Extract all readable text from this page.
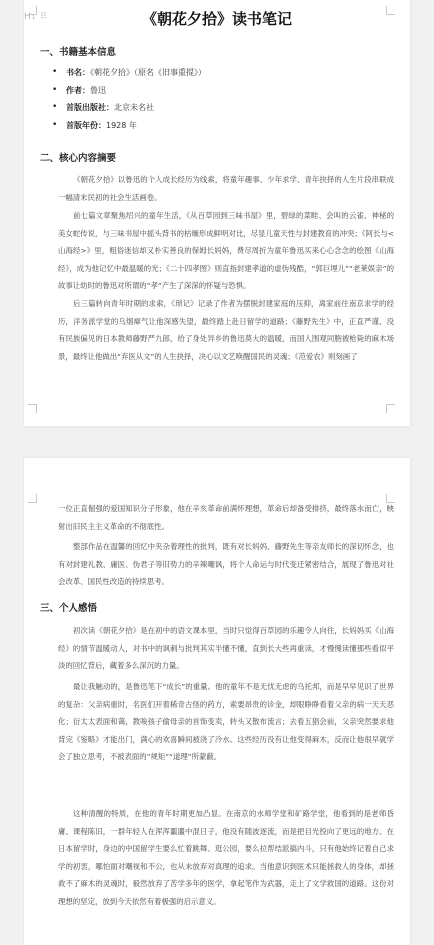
H₁ ⠿	《朝花夕拾》读书笔记
一、书籍基本信息
• 书名：《朝花夕拾》（原名《旧事重提》）
• 作者：鲁迅
• 首版出版社：北京未名社
• 首版年份：1928 年
二、核心内容摘要

《朝花夕拾》以鲁迅的个人成长经历为线索，将童年趣事、少年求学、青年抉择的人生片段串联成一幅清末民初的社会生活画卷。

前七篇文章聚焦绍兴的童年生活，《从百草园到三味书屋》里，碧绿的菜畦、会叫的云雀、神秘的美女蛇传说，与三味书屋中摇头背书的枯燥形成鲜明对比，尽显儿童天性与封建教育的冲突；《阿长与<山海经>》里，粗俗迷信却又朴实善良的保姆长妈妈，费尽周折为童年鲁迅买来心心念念的绘图《山海经》，成为他记忆中最温暖的光；《二十四孝图》则直指封建孝道的虚伪残酷，“郭巨埋儿”“老莱娱亲”的故事让幼时的鲁迅对所谓的“孝”产生了深深的怀疑与恐惧。

后三篇转向青年时期的求索，《琐记》记录了作者为摆脱封建家庭的压抑，离家前往南京求学的经历，洋务派学堂的乌烟瘴气让他深感失望，最终踏上赴日留学的道路；《藤野先生》中，正直严谨、没有民族偏见的日本教师藤野严九郎，给了身处异乡的鲁迅莫大的温暖，而国人围观同胞被枪毙的麻木场景，最终让他做出“弃医从文”的人生抉择，决心以文艺唤醒国民的灵魂；《范爱农》则刻画了

一位正直倔强的爱国知识分子形象，他在辛亥革命前满怀理想，革命后却备受排挤，最终落水而亡，映射出旧民主主义革命的不彻底性。

整部作品在温馨的回忆中夹杂着理性的批判，既有对长妈妈、藤野先生等亲友师长的深切怀念，也有对封建礼教、庸医、伪君子等旧势力的辛辣嘲讽，将个人命运与时代变迁紧密结合，展现了鲁迅对社会改革、国民性改造的持续思考。

三、个人感悟

初次读《朝花夕拾》是在初中的语文课本里，当时只觉得百草园的乐趣令人向往，长妈妈买《山海经》的情节温暖动人，对书中的讽刺与批判其实半懂不懂，直到长大些再重读，才慢慢读懂那些看似平淡的回忆背后，藏着多么深沉的力量。

最让我触动的，是鲁迅笔下“成长”的重量。他的童年不是无忧无虑的乌托邦，而是早早见识了世界的复杂：父亲病重时，名医们开着稀奇古怪的药方，索要昂贵的诊金，却眼睁睁看着父亲的病一天天恶化；衍太太表面和蔼，教唆孩子偷母亲的首饰变卖，转头又散布流言；去看五猖会前，父亲突然要求他背完《鉴略》才能出门，满心的欢喜瞬间被浇了冷水。这些经历没有让他变得麻木，反而让他很早就学会了独立思考，不被表面的“规矩”“道理”所蒙蔽。

这种清醒的特质，在他的青年时期更加凸显。在南京的水师学堂和矿路学堂，他看到的是老师昏庸、课程陈旧，一群年轻人在浑浑噩噩中混日子，他没有随波逐流，而是把目光投向了更远的地方。在日本留学时，身边的中国留学生要么忙着跳舞、逛公园，要么拉帮结派搞内斗，只有他始终记着自己求学的初衷，哪怕面对嘲视和不公，也从未放弃对真理的追求。当他意识到医术只能拯救人的身体，却拯救不了麻木的灵魂时，毅然放弃了苦学多年的医学，拿起笔作为武器，走上了文学救国的道路。这份对理想的坚定，放到今天依然有着极强的启示意义。
